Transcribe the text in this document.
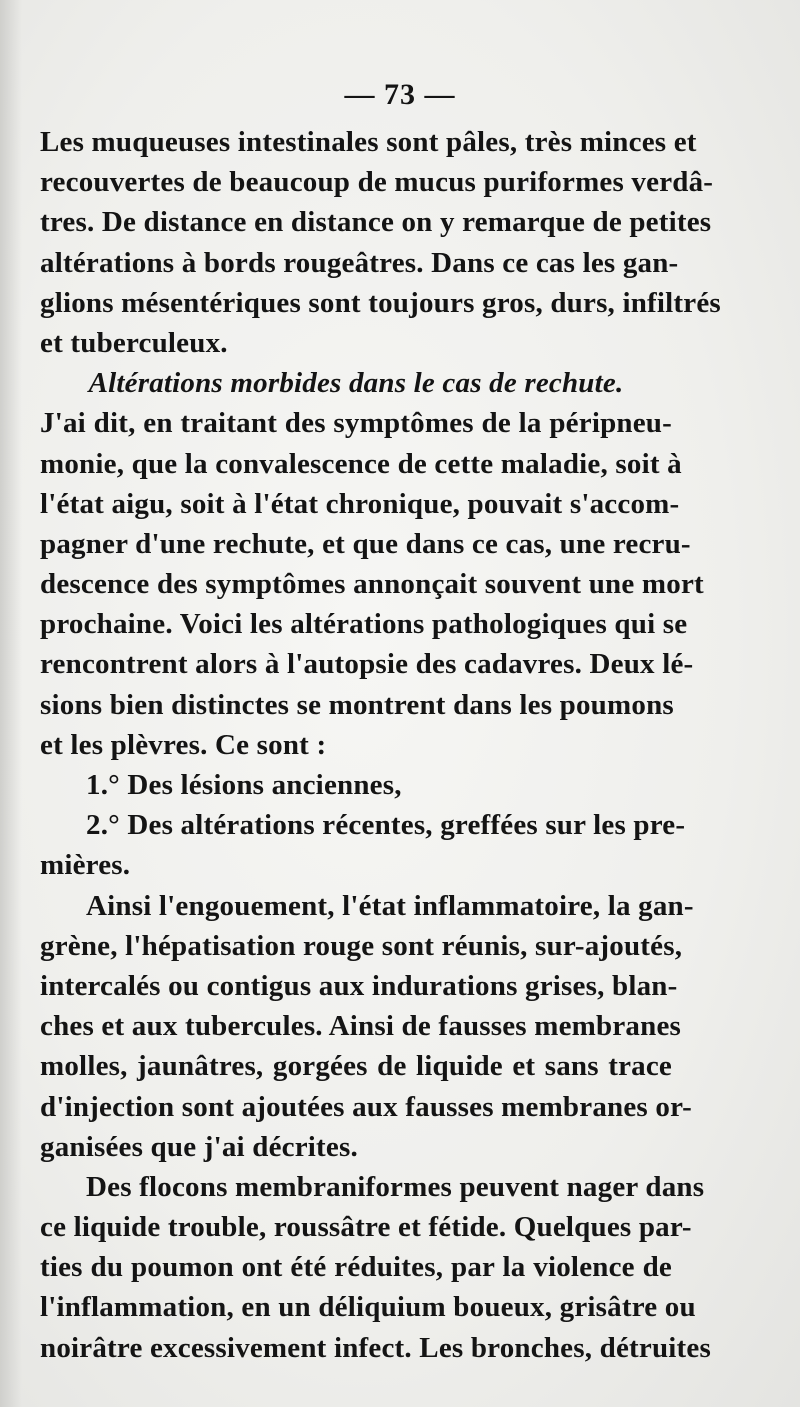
— 73 —
Les muqueuses intestinales sont pâles, très minces et
recouvertes de beaucoup de mucus puriformes verdâ-
tres. De distance en distance on y remarque de petites
altérations à bords rougeâtres. Dans ce cas les gan-
glions mésentériques sont toujours gros, durs, infiltrés
et tuberculeux.
Altérations morbides dans le cas de rechute.
J'ai dit, en traitant des symptômes de la péripneu-
monie, que la convalescence de cette maladie, soit à
l'état aigu, soit à l'état chronique, pouvait s'accom-
pagner d'une rechute, et que dans ce cas, une recru-
descence des symptômes annonçait souvent une mort
prochaine. Voici les altérations pathologiques qui se
rencontrent alors à l'autopsie des cadavres. Deux lé-
sions bien distinctes se montrent dans les poumons
et les plèvres. Ce sont :
1.° Des lésions anciennes,
2.° Des altérations récentes, greffées sur les pre-
mières.
Ainsi l'engouement, l'état inflammatoire, la gan-
grène, l'hépatisation rouge sont réunis, sur-ajoutés,
intercalés ou contigus aux indurations grises, blan-
ches et aux tubercules. Ainsi de fausses membranes
molles, jaunâtres, gorgées de liquide et sans trace
d'injection sont ajoutées aux fausses membranes or-
ganisées que j'ai décrites.
Des flocons membraniformes peuvent nager dans
ce liquide trouble, roussâtre et fétide. Quelques par-
ties du poumon ont été réduites, par la violence de
l'inflammation, en un déliquium boueux, grisâtre ou
noirâtre excessivement infect. Les bronches, détruites
